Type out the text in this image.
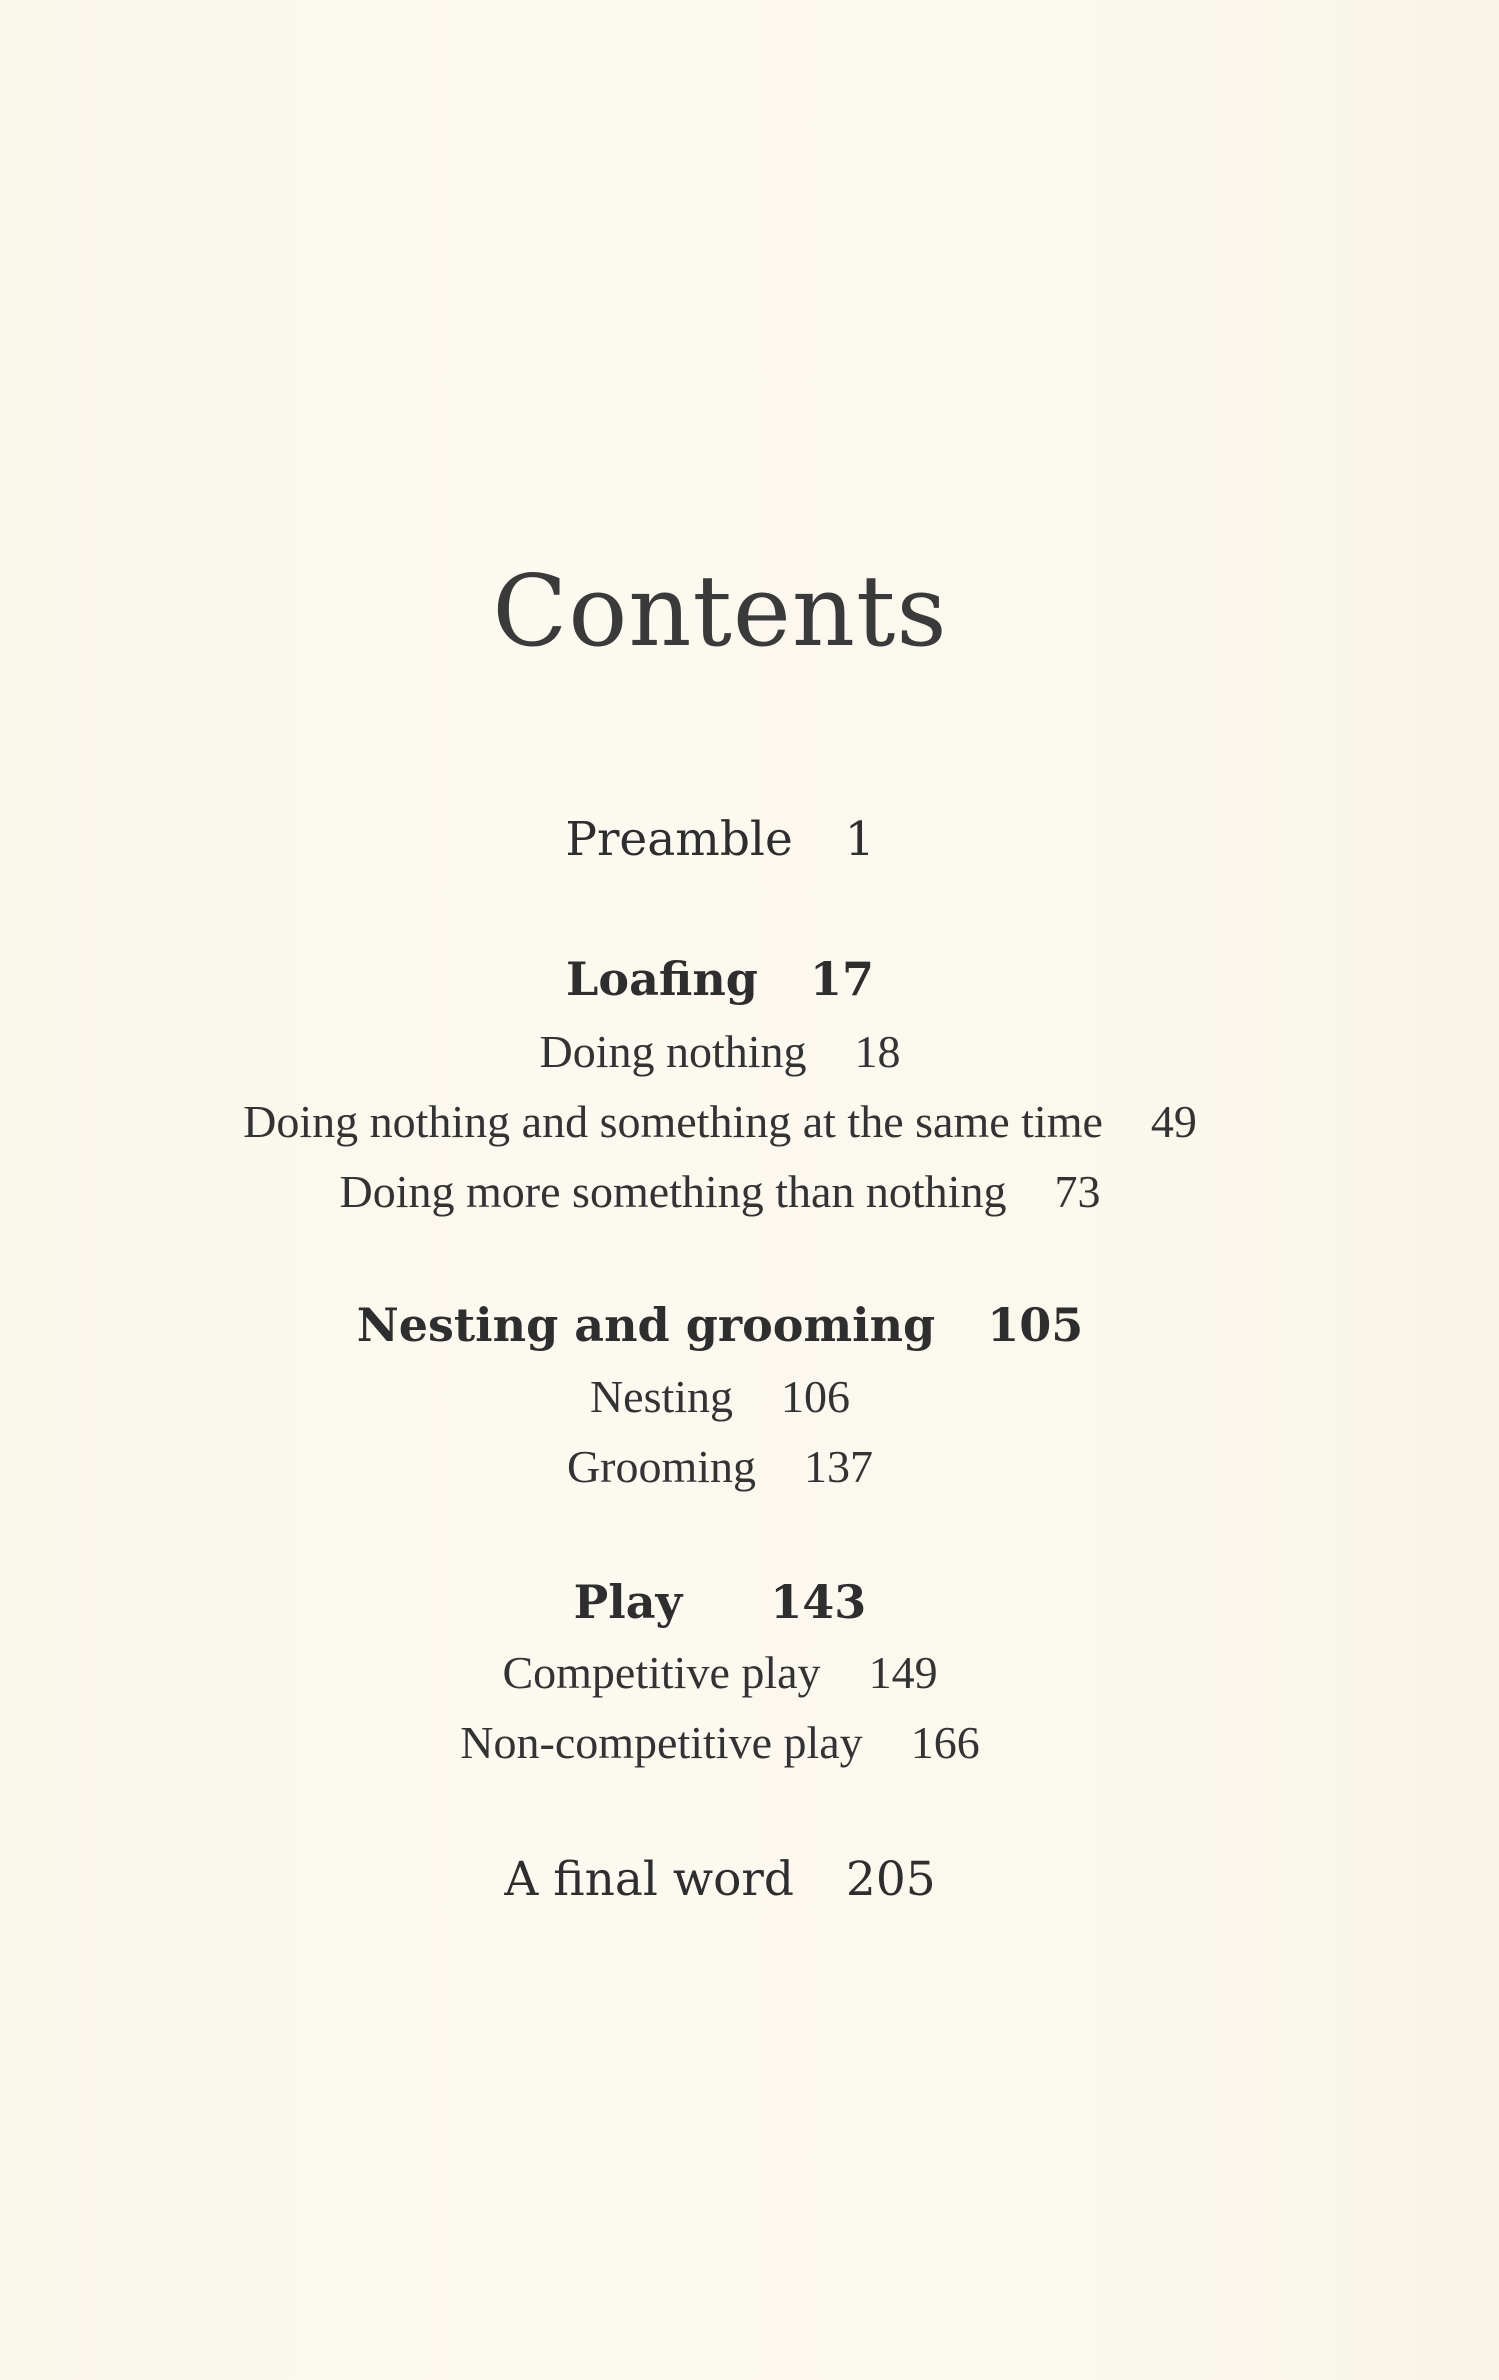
Contents
Preamble 1
Loafing 17
Doing nothing 18
Doing nothing and something at the same time 49
Doing more something than nothing 73
Nesting and grooming 105
Nesting 106
Grooming 137
Play 143
Competitive play 149
Non-competitive play 166
A final word 205
